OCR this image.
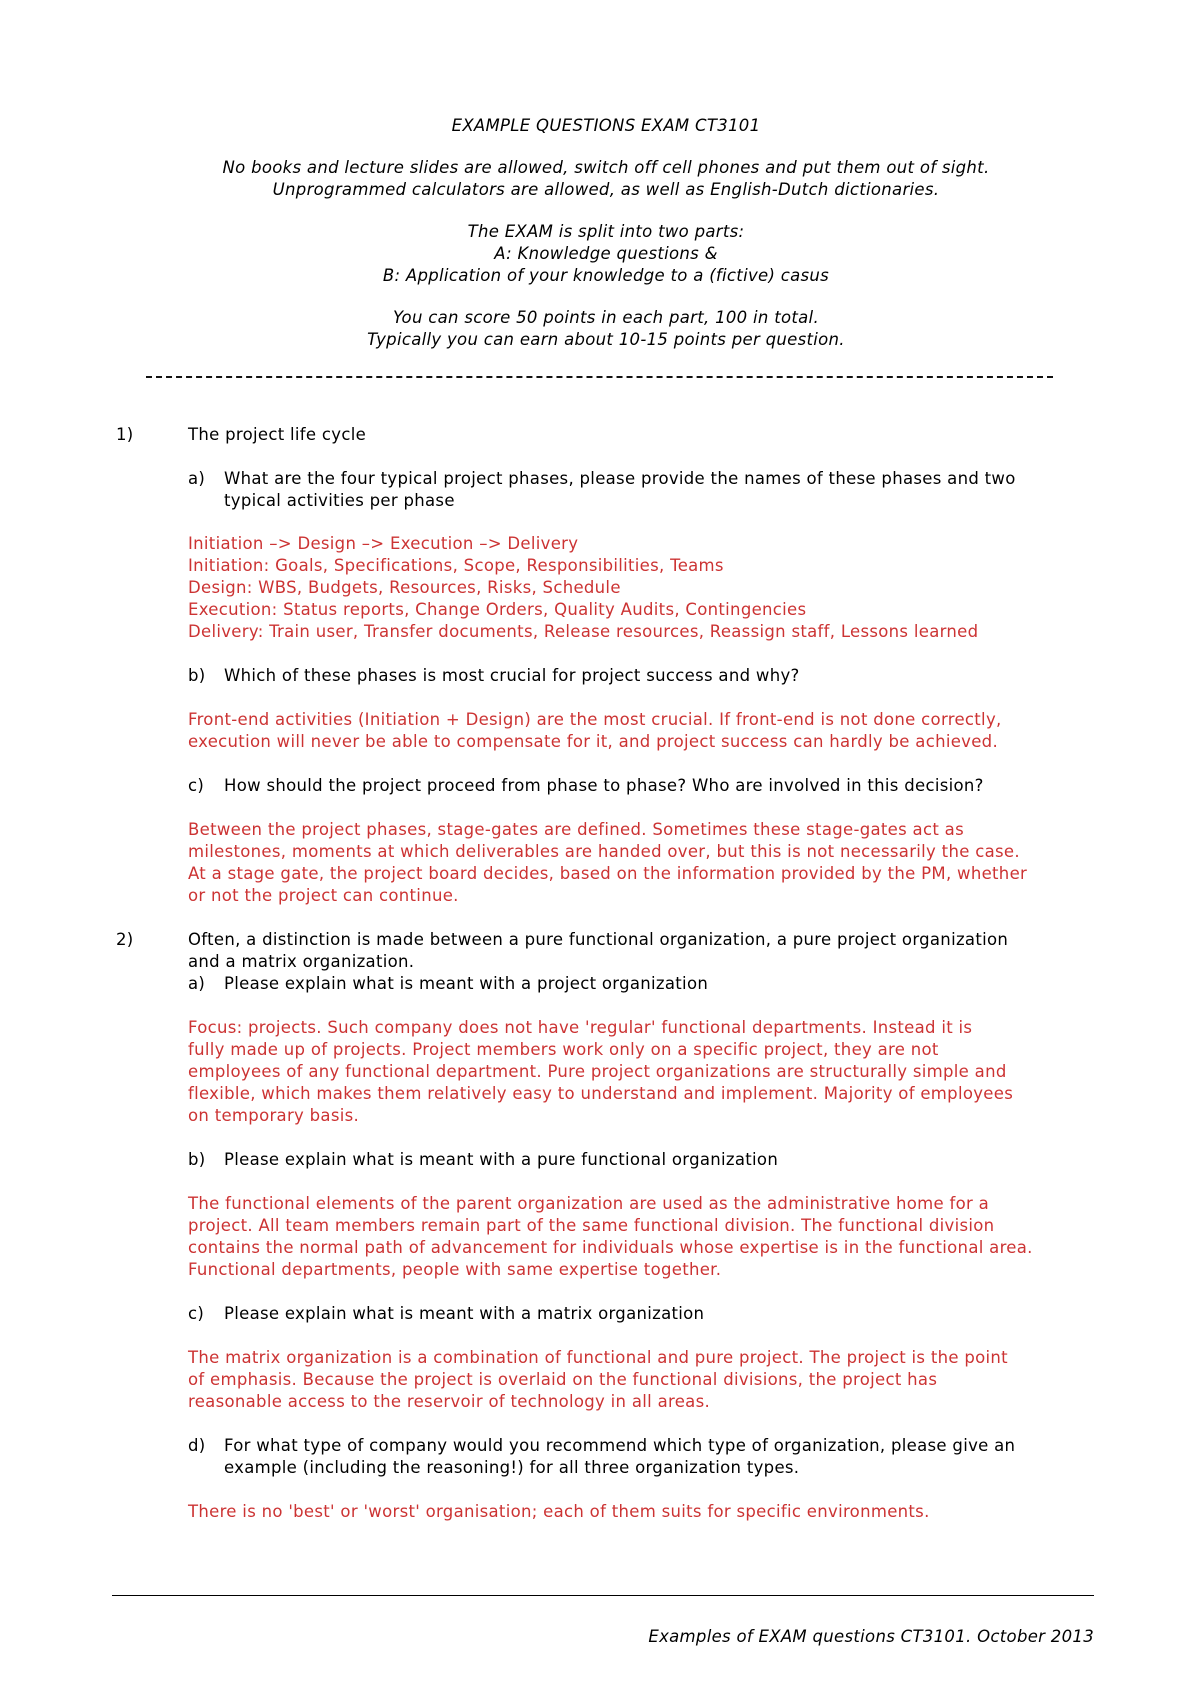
EXAMPLE QUESTIONS EXAM CT3101

No books and lecture slides are allowed, switch off cell phones and put them out of sight.

Unprogrammed calculators are allowed, as well as English-Dutch dictionaries.

The EXAM is split into two parts:

A: Knowledge questions &

B: Application of your knowledge to a (fictive) casus

You can score 50 points in each part, 100 in total.

Typically you can earn about 10-15 points per question.

1)	The project life cycle

a) What are the four typical project phases, please provide the names of these phases and two

typical activities per phase

Initiation –> Design –> Execution –> Delivery

Initiation: Goals, Specifications, Scope, Responsibilities, Teams

Design: WBS, Budgets, Resources, Risks, Schedule

Execution: Status reports, Change Orders, Quality Audits, Contingencies

Delivery: Train user, Transfer documents, Release resources, Reassign staff, Lessons learned

b) Which of these phases is most crucial for project success and why?

Front-end activities (Initiation + Design) are the most crucial. If front-end is not done correctly,

execution will never be able to compensate for it, and project success can hardly be achieved.

c) How should the project proceed from phase to phase? Who are involved in this decision?

Between the project phases, stage-gates are defined. Sometimes these stage-gates act as

milestones, moments at which deliverables are handed over, but this is not necessarily the case.

At a stage gate, the project board decides, based on the information provided by the PM, whether

or not the project can continue.

2)	Often, a distinction is made between a pure functional organization, a pure project organization

and a matrix organization.

a) Please explain what is meant with a project organization

Focus: projects. Such company does not have 'regular' functional departments. Instead it is

fully made up of projects. Project members work only on a specific project, they are not

employees of any functional department. Pure project organizations are structurally simple and

flexible, which makes them relatively easy to understand and implement. Majority of employees

on temporary basis.

b) Please explain what is meant with a pure functional organization

The functional elements of the parent organization are used as the administrative home for a

project. All team members remain part of the same functional division. The functional division

contains the normal path of advancement for individuals whose expertise is in the functional area.

Functional departments, people with same expertise together.

c) Please explain what is meant with a matrix organization

The matrix organization is a combination of functional and pure project. The project is the point

of emphasis. Because the project is overlaid on the functional divisions, the project has

reasonable access to the reservoir of technology in all areas.

d) For what type of company would you recommend which type of organization, please give an

example (including the reasoning!) for all three organization types.

There is no 'best' or 'worst' organisation; each of them suits for specific environments.

Examples of EXAM questions CT3101. October 2013
